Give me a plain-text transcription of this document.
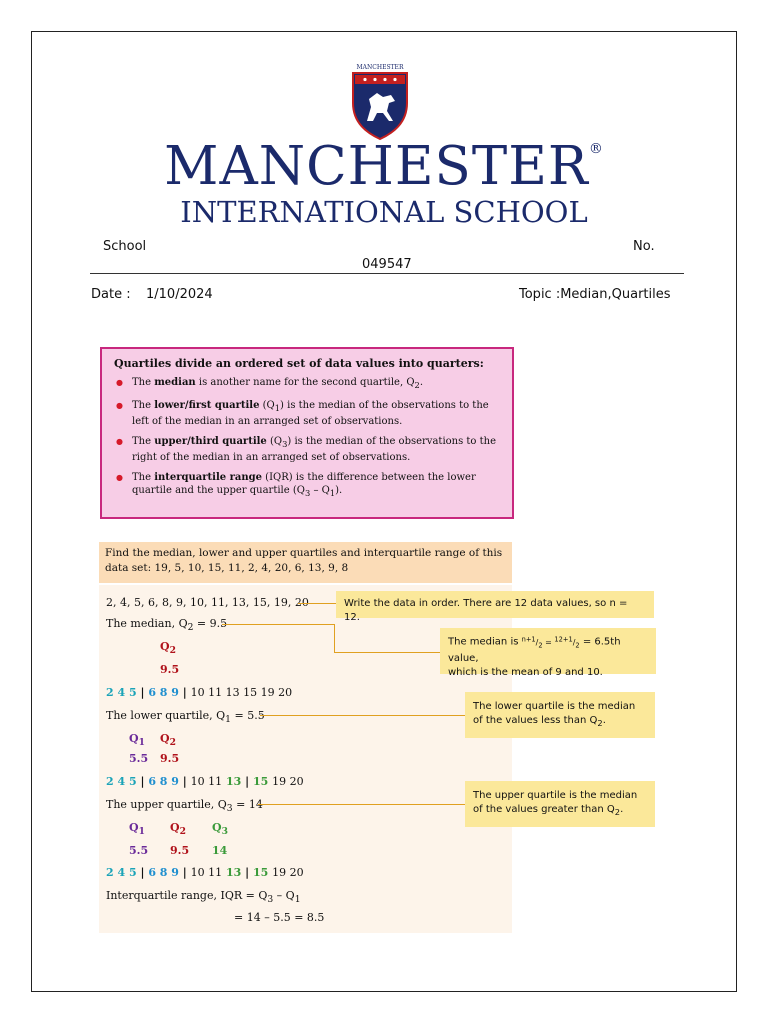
MANCHESTER
MANCHESTER®
INTERNATIONAL SCHOOL
School	No.
049547
Date : 1/10/2024	Topic :Median,Quartiles
Quartiles divide an ordered set of data values into quarters:
● The median is another name for the second quartile, $Q_2$.
● The lower/first quartile $(Q_1)$ is the median of the observations to the left of the median in an arranged set of observations.
● The upper/third quartile $(Q_3)$ is the median of the observations to the right of the median in an arranged set of observations.
● The interquartile range (IQR) is the difference between the lower quartile and the upper quartile $(Q_3 - Q_1)$.
Find the median, lower and upper quartiles and interquartile range of this data set: 19, 5, 10, 15, 11, 2, 4, 20, 6, 13, 9, 8
2, 4, 5, 6, 8, 9, 10, 11, 13, 15, 19, 20
The median, $Q_2 = 9.5$
$Q_2$
9.5
2 4 5 | 6 8 9 | 10 11 13 15 19 20
The lower quartile, $Q_1 = 5.5$
$Q_1$ $Q_2$
5.5 9.5
2 4 5 | 6 8 9 | 10 11 13 | 15 19 20
The upper quartile, $Q_3 = 14$
$Q_1$ $Q_2$ $Q_3$
5.5 9.5 14
2 4 5 | 6 8 9 | 10 11 13 | 15 19 20
Interquartile range, IQR = $Q_3 - Q_1$
= 14 – 5.5 = 8.5
Write the data in order. There are 12 data values, so n = 12.
The median is $^{n+1}/_2 = ^{12+1}/_2 = 6.5th$ value,
which is the mean of 9 and 10.
The lower quartile is the median of the values less than $Q_2$.
The upper quartile is the median of the values greater than $Q_2$.
